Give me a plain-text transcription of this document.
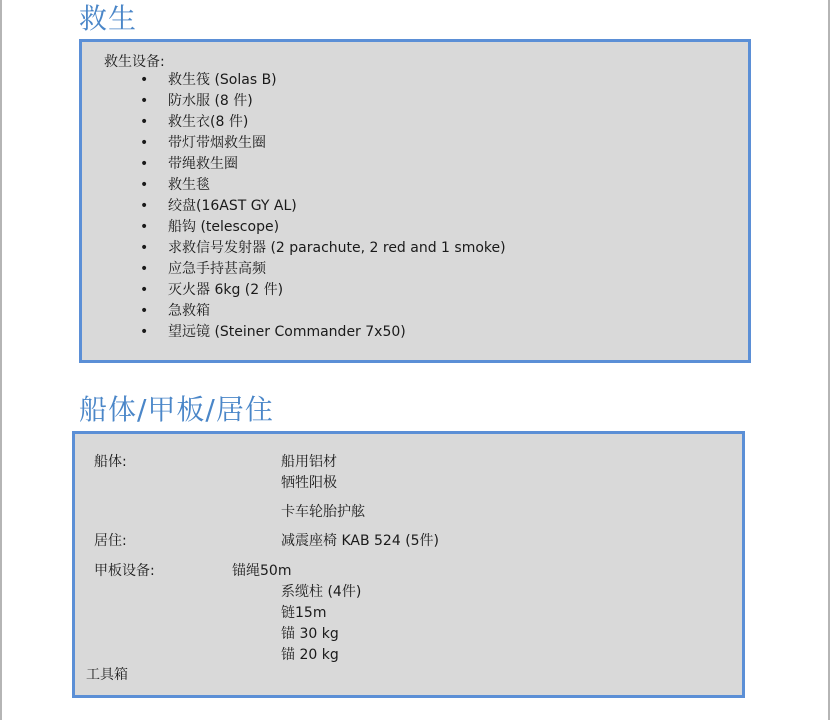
救生
救生设备:
• 救生筏 (Solas B)
• 防水服 (8 件)
• 救生衣(8 件)
• 带灯带烟救生圈
• 带绳救生圈
• 救生毯
• 绞盘(16AST GY AL)
• 船钩 (telescope)
• 求救信号发射器 (2 parachute, 2 red and 1 smoke)
• 应急手持甚高频
• 灭火器 6kg (2 件)
• 急救箱
• 望远镜 (Steiner Commander 7x50)
船体/甲板/居住
船体:	船用铝材
牺牲阳极
卡车轮胎护舷
居住:	减震座椅 KAB 524 (5件)
甲板设备:	锚绳50m
系缆柱 (4件)
链15m
锚 30 kg
锚 20 kg
工具箱
